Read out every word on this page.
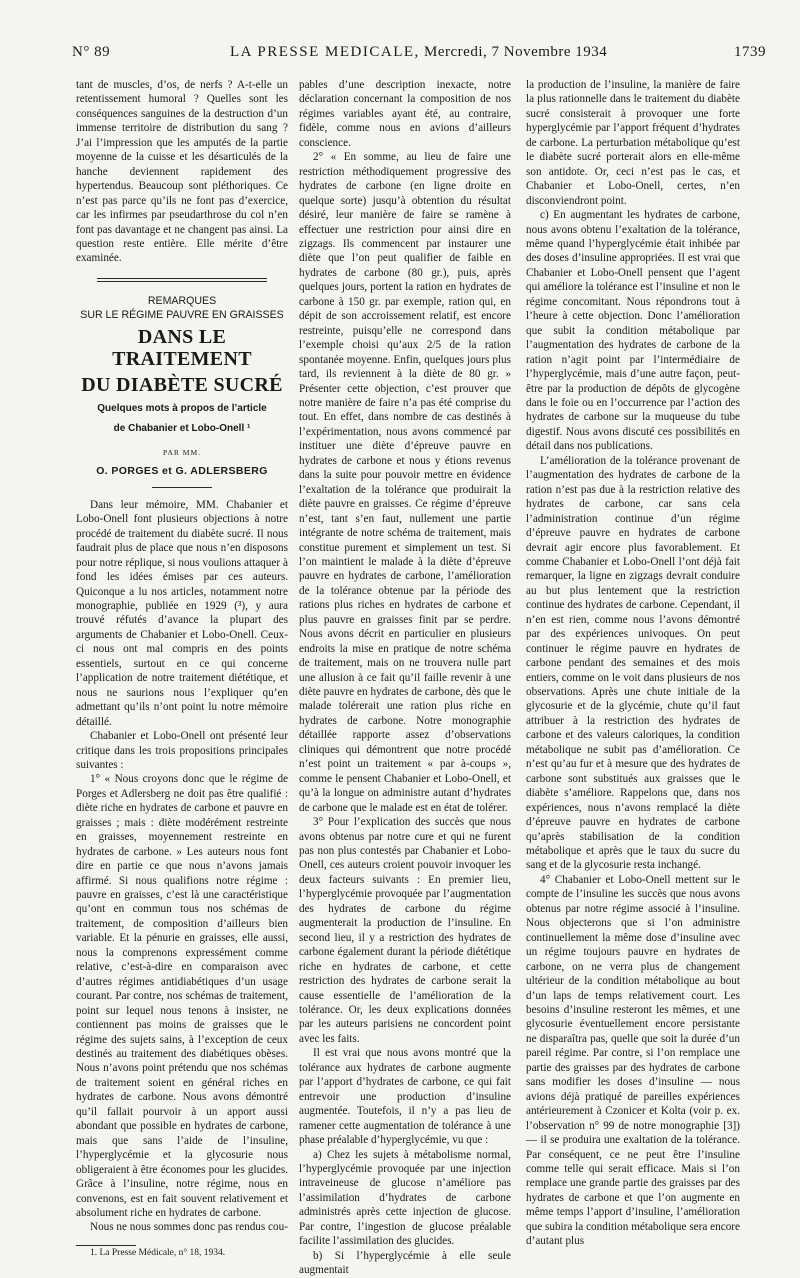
N° 89	LA PRESSE MEDICALE, Mercredi, 7 Novembre 1934	1739

tant de muscles, d’os, de nerfs ? A-t-elle un retentissement humoral ? Quelles sont les conséquences sanguines de la destruction d’un immense territoire de distribution du sang ? J’ai l’impression que les amputés de la partie moyenne de la cuisse et les désarticulés de la hanche deviennent rapidement des hypertendus. Beaucoup sont pléthoriques. Ce n’est pas parce qu’ils ne font pas d’exercice, car les infirmes par pseudarthrose du col n’en font pas davantage et ne changent pas ainsi. La question reste entière. Elle mérite d’être examinée.

REMARQUES
SUR LE RÉGIME PAUVRE EN GRAISSES
DANS LE TRAITEMENT
DU DIABÈTE SUCRÉ
Quelques mots à propos de l’article
de Chabanier et Lobo-Onell ¹
PAR MM.
O. PORGES et G. ADLERSBERG

Dans leur mémoire, MM. Chabanier et Lobo-Onell font plusieurs objections à notre procédé de traitement du diabète sucré. Il nous faudrait plus de place que nous n’en disposons pour notre réplique, si nous voulions attaquer à fond les idées émises par ces auteurs. Quiconque a lu nos articles, notamment notre monographie, publiée en 1929 (³), y aura trouvé réfutés d’avance la plupart des arguments de Chabanier et Lobo-Onell. Ceux-ci nous ont mal compris en des points essentiels, surtout en ce qui concerne l’application de notre traitement diététique, et nous ne saurions nous l’expliquer qu’en admettant qu’ils n’ont point lu notre mémoire détaillé.

Chabanier et Lobo-Onell ont présenté leur critique dans les trois propositions principales suivantes :

1° « Nous croyons donc que le régime de Porges et Adlersberg ne doit pas être qualifié : diète riche en hydrates de carbone et pauvre en graisses ; mais : diète modérément restreinte en graisses, moyennement restreinte en hydrates de carbone. » Les auteurs nous font dire en partie ce que nous n’avons jamais affirmé. Si nous qualifions notre régime : pauvre en graisses, c’est là une caractéristique qu’ont en commun tous nos schémas de traitement, de composition d’ailleurs bien variable. Et la pénurie en graisses, elle aussi, nous la comprenons expressément comme relative, c’est-à-dire en comparaison avec d’autres régimes antidiabétiques d’un usage courant. Par contre, nos schémas de traitement, point sur lequel nous tenons à insister, ne contiennent pas moins de graisses que le régime des sujets sains, à l’exception de ceux destinés au traitement des diabétiques obèses. Nous n’avons point prétendu que nos schémas de traitement soient en général riches en hydrates de carbone. Nous avons démontré qu’il fallait pourvoir à un apport aussi abondant que possible en hydrates de carbone, mais que sans l’aide de l’insuline, l’hyperglycémie et la glycosurie nous obligeraient à être économes pour les glucides. Grâce à l’insuline, notre régime, nous en convenons, est en fait souvent relativement et absolument riche en hydrates de carbone.

Nous ne nous sommes donc pas rendus cou-

1. La Presse Médicale, n° 18, 1934.

pables d’une description inexacte, notre déclaration concernant la composition de nos régimes variables ayant été, au contraire, fidèle, comme nous en avions d’ailleurs conscience.

2° « En somme, au lieu de faire une restriction méthodiquement progressive des hydrates de carbone (en ligne droite en quelque sorte) jusqu’à obtention du résultat désiré, leur manière de faire se ramène à effectuer une restriction pour ainsi dire en zigzags. Ils commencent par instaurer une diète que l’on peut qualifier de faible en hydrates de carbone (80 gr.), puis, après quelques jours, portent la ration en hydrates de carbone à 150 gr. par exemple, ration qui, en dépit de son accroissement relatif, est encore restreinte, puisqu’elle ne correspond dans l’exemple choisi qu’aux 2/5 de la ration spontanée moyenne. Enfin, quelques jours plus tard, ils reviennent à la diète de 80 gr. » Présenter cette objection, c’est prouver que notre manière de faire n’a pas été comprise du tout. En effet, dans nombre de cas destinés à l’expérimentation, nous avons commencé par instituer une diète d’épreuve pauvre en hydrates de carbone et nous y étions revenus dans la suite pour pouvoir mettre en évidence l’exaltation de la tolérance que produirait la diète pauvre en graisses. Ce régime d’épreuve n’est, tant s’en faut, nullement une partie intégrante de notre schéma de traitement, mais constitue purement et simplement un test. Si l’on maintient le malade à la diète d’épreuve pauvre en hydrates de carbone, l’amélioration de la tolérance obtenue par la période des rations plus riches en hydrates de carbone et plus pauvre en graisses finit par se perdre. Nous avons décrit en particulier en plusieurs endroits la mise en pratique de notre schéma de traitement, mais on ne trouvera nulle part une allusion à ce fait qu’il faille revenir à une diète pauvre en hydrates de carbone, dès que le malade tolérerait une ration plus riche en hydrates de carbone. Notre monographie détaillée rapporte assez d’observations cliniques qui démontrent que notre procédé n’est point un traitement « par à-coups », comme le pensent Chabanier et Lobo-Onell, et qu’à la longue on administre autant d’hydrates de carbone que le malade est en état de tolérer.

3° Pour l’explication des succès que nous avons obtenus par notre cure et qui ne furent pas non plus contestés par Chabanier et Lobo-Onell, ces auteurs croient pouvoir invoquer les deux facteurs suivants : En premier lieu, l’hyperglycémie provoquée par l’augmentation des hydrates de carbone du régime augmenterait la production de l’insuline. En second lieu, il y a restriction des hydrates de carbone également durant la période diététique riche en hydrates de carbone, et cette restriction des hydrates de carbone serait la cause essentielle de l’amélioration de la tolérance. Or, les deux explications données par les auteurs parisiens ne concordent point avec les faits.

Il est vrai que nous avons montré que la tolérance aux hydrates de carbone augmente par l’apport d’hydrates de carbone, ce qui fait entrevoir une production d’insuline augmentée. Toutefois, il n’y a pas lieu de ramener cette augmentation de tolérance à une phase préalable d’hyperglycémie, vu que :

a) Chez les sujets à métabolisme normal, l’hyperglycémie provoquée par une injection intraveineuse de glucose n’améliore pas l’assimilation d’hydrates de carbone administrés après cette injection de glucose. Par contre, l’ingestion de glucose préalable facilite l’assimilation des glucides.

b) Si l’hyperglycémie à elle seule augmentait

la production de l’insuline, la manière de faire la plus rationnelle dans le traitement du diabète sucré consisterait à provoquer une forte hyperglycémie par l’apport fréquent d’hydrates de carbone. La perturbation métabolique qu’est le diabète sucré porterait alors en elle-même son antidote. Or, ceci n’est pas le cas, et Chabanier et Lobo-Onell, certes, n’en disconviendront point.

c) En augmentant les hydrates de carbone, nous avons obtenu l’exaltation de la tolérance, même quand l’hyperglycémie était inhibée par des doses d’insuline appropriées. Il est vrai que Chabanier et Lobo-Onell pensent que l’agent qui améliore la tolérance est l’insuline et non le régime concomitant. Nous répondrons tout à l’heure à cette objection. Donc l’amélioration que subit la condition métabolique par l’augmentation des hydrates de carbone de la ration n’agit point par l’intermédiaire de l’hyperglycémie, mais d’une autre façon, peut-être par la production de dépôts de glycogène dans le foie ou en l’occurrence par l’action des hydrates de carbone sur la muqueuse du tube digestif. Nous avons discuté ces possibilités en détail dans nos publications.

L’amélioration de la tolérance provenant de l’augmentation des hydrates de carbone de la ration n’est pas due à la restriction relative des hydrates de carbone, car sans cela l’administration continue d’un régime d’épreuve pauvre en hydrates de carbone devrait agir encore plus favorablement. Et comme Chabanier et Lobo-Onell l’ont déjà fait remarquer, la ligne en zigzags devrait conduire au but plus lentement que la restriction continue des hydrates de carbone. Cependant, il n’en est rien, comme nous l’avons démontré par des expériences univoques. On peut continuer le régime pauvre en hydrates de carbone pendant des semaines et des mois entiers, comme on le voit dans plusieurs de nos observations. Après une chute initiale de la glycosurie et de la glycémie, chute qu’il faut attribuer à la restriction des hydrates de carbone et des valeurs caloriques, la condition métabolique ne subit pas d’amélioration. Ce n’est qu’au fur et à mesure que des hydrates de carbone sont substitués aux graisses que le diabète s’améliore. Rappelons que, dans nos expériences, nous n’avons remplacé la diète d’épreuve pauvre en hydrates de carbone qu’après stabilisation de la condition métabolique et après que le taux du sucre du sang et de la glycosurie resta inchangé.

4° Chabanier et Lobo-Onell mettent sur le compte de l’insuline les succès que nous avons obtenus par notre régime associé à l’insuline. Nous objecterons que si l’on administre continuellement la même dose d’insuline avec un régime toujours pauvre en hydrates de carbone, on ne verra plus de changement ultérieur de la condition métabolique au bout d’un laps de temps relativement court. Les besoins d’insuline resteront les mêmes, et une glycosurie éventuellement encore persistante ne disparaîtra pas, quelle que soit la durée d’un pareil régime. Par contre, si l’on remplace une partie des graisses par des hydrates de carbone sans modifier les doses d’insuline — nous avions déjà pratiqué de pareilles expériences antérieurement à Czonicer et Kolta (voir p. ex. l’observation n° 99 de notre monographie [3]) — il se produira une exaltation de la tolérance. Par conséquent, ce ne peut être l’insuline comme telle qui serait efficace. Mais si l’on remplace une grande partie des graisses par des hydrates de carbone et que l’on augmente en même temps l’apport d’insuline, l’amélioration que subira la condition métabolique sera encore d’autant plus
